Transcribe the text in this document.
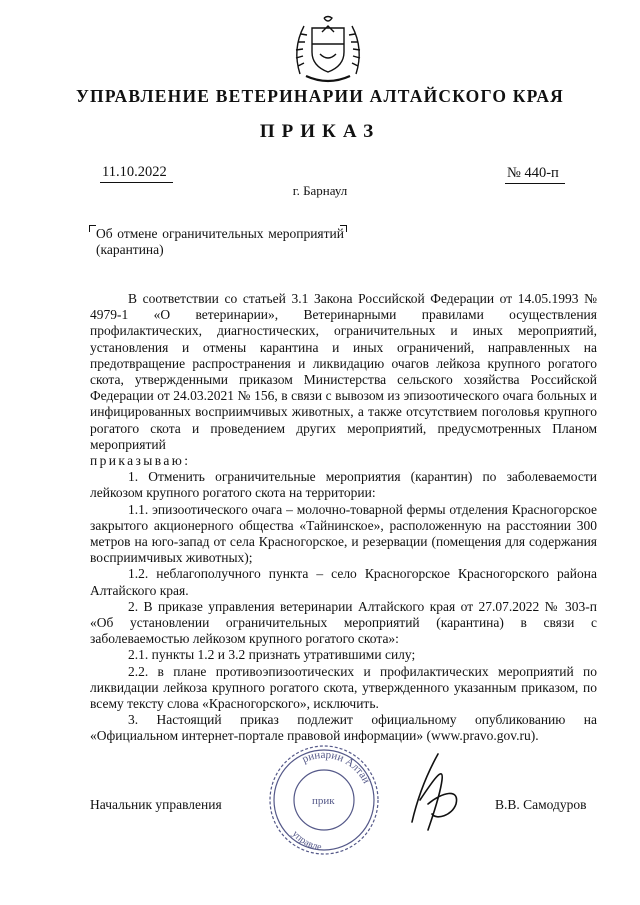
УПРАВЛЕНИЕ ВЕТЕРИНАРИИ АЛТАЙСКОГО КРАЯ
ПРИКАЗ
11.10.2022	№ 440-п
г. Барнаул
Об отмене ограничительных мероприятий (карантина)

В соответствии со статьей 3.1 Закона Российской Федерации от 14.05.1993 № 4979-1 «О ветеринарии», Ветеринарными правилами осуществления профилактических, диагностических, ограничительных и иных мероприятий, установления и отмены карантина и иных ограничений, направленных на предотвращение распространения и ликвидацию очагов лейкоза крупного рогатого скота, утвержденными приказом Министерства сельского хозяйства Российской Федерации от 24.03.2021 № 156, в связи с вывозом из эпизоотического очага больных и инфицированных восприимчивых животных, а также отсутствием поголовья крупного рогатого скота и проведением других мероприятий, предусмотренных Планом мероприятий

приказываю:

1. Отменить ограничительные мероприятия (карантин) по заболеваемости лейкозом крупного рогатого скота на территории:

1.1. эпизоотического очага – молочно-товарной фермы отделения Красногорское закрытого акционерного общества «Тайнинское», расположенную на расстоянии 300 метров на юго-запад от села Красногорское, и резервации (помещения для содержания восприимчивых животных);

1.2. неблагополучного пункта – село Красногорское Красногорского района Алтайского края.

2. В приказе управления ветеринарии Алтайского края от 27.07.2022 № 303-п «Об установлении ограничительных мероприятий (карантина) в связи с заболеваемостью лейкозом крупного рогатого скота»:

2.1. пункты 1.2 и 3.2 признать утратившими силу;

2.2. в плане противоэпизоотических и профилактических мероприятий по ликвидации лейкоза крупного рогатого скота, утвержденного указанным приказом, по всему тексту слова «Красногорского», исключить.

3. Настоящий приказ подлежит официальному опубликованию на «Официальном интернет-портале правовой информации» (www.pravo.gov.ru).

ринарии Алтай
управле
прик
Начальник управления	В.В. Самодуров
